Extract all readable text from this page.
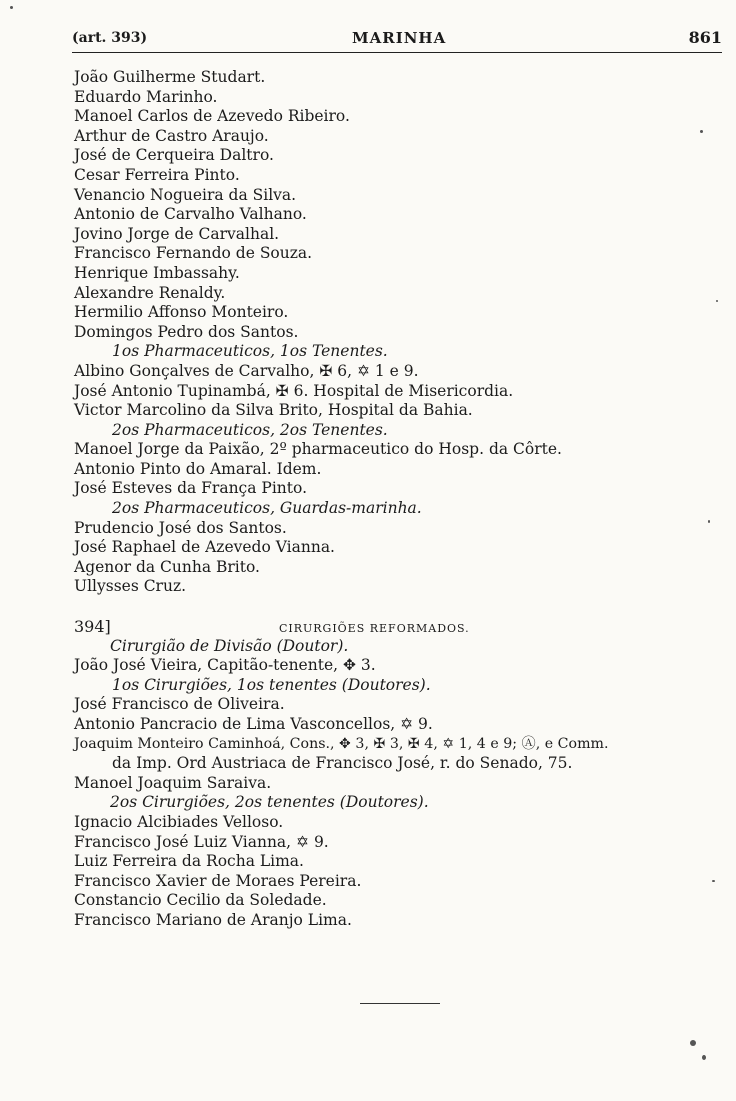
(art. 393)	MARINHA	861
João Guilherme Studart.
Eduardo Marinho.
Manoel Carlos de Azevedo Ribeiro.
Arthur de Castro Araujo.
José de Cerqueira Daltro.
Cesar Ferreira Pinto.
Venancio Nogueira da Silva.
Antonio de Carvalho Valhano.
Jovino Jorge de Carvalhal.
Francisco Fernando de Souza.
Henrique Imbassahy.
Alexandre Renaldy.
Hermilio Affonso Monteiro.
Domingos Pedro dos Santos.
1os Pharmaceuticos, 1os Tenentes.
Albino Gonçalves de Carvalho, ✠ 6, ✡ 1 e 9.
José Antonio Tupinambá, ✠ 6. Hospital de Misericordia.
Victor Marcolino da Silva Brito, Hospital da Bahia.
2os Pharmaceuticos, 2os Tenentes.
Manoel Jorge da Paixão, 2º pharmaceutico do Hosp. da Côrte.
Antonio Pinto do Amaral. Idem.
José Esteves da França Pinto.
2os Pharmaceuticos, Guardas-marinha.
Prudencio José dos Santos.
José Raphael de Azevedo Vianna.
Agenor da Cunha Brito.
Ullysses Cruz.
394]	CIRURGIÕES REFORMADOS.
Cirurgião de Divisão (Doutor).
João José Vieira, Capitão-tenente, ✥ 3.
1os Cirurgiões, 1os tenentes (Doutores).
José Francisco de Oliveira.
Antonio Pancracio de Lima Vasconcellos, ✡ 9.
Joaquim Monteiro Caminhoá, Cons., ✥ 3, ✠ 3, ✠ 4, ✡ 1, 4 e 9; Ⓐ, e Comm.
da Imp. Ord Austriaca de Francisco José, r. do Senado, 75.
Manoel Joaquim Saraiva.
2os Cirurgiões, 2os tenentes (Doutores).
Ignacio Alcibiades Velloso.
Francisco José Luiz Vianna, ✡ 9.
Luiz Ferreira da Rocha Lima.
Francisco Xavier de Moraes Pereira.
Constancio Cecilio da Soledade.
Francisco Mariano de Aranjo Lima.
